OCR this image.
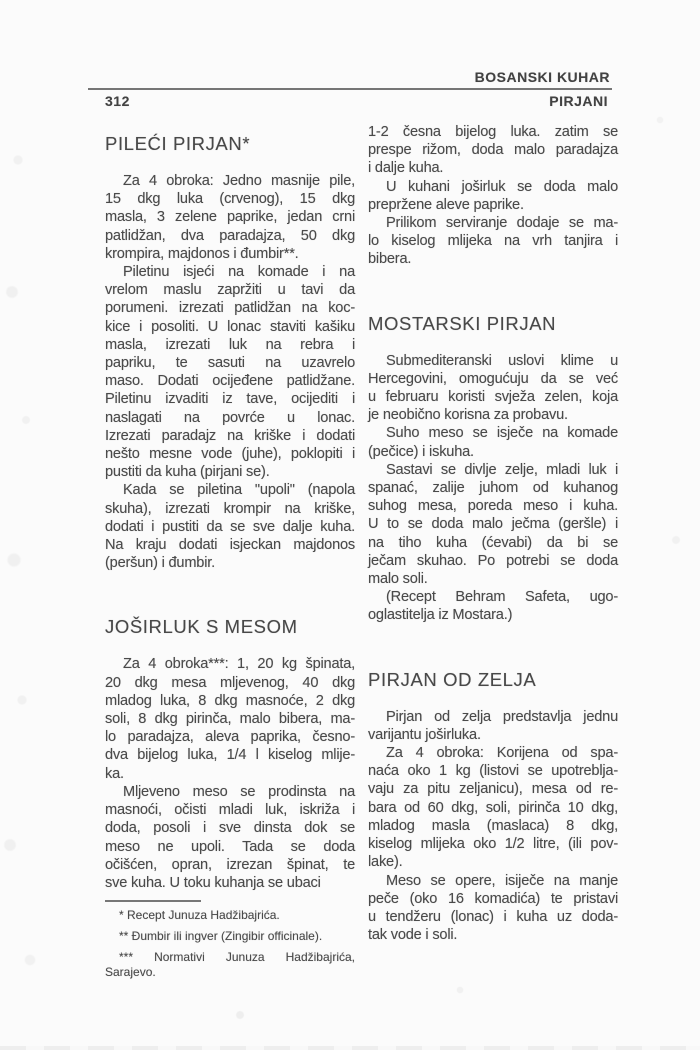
BOSANSKI KUHAR
312	PIRJANI
PILEĆI PIRJAN*
Za 4 obroka: Jedno masnije pile,
15 dkg luka (crvenog), 15 dkg
masla, 3 zelene paprike, jedan crni
patlidžan, dva paradajza, 50 dkg
krompira, majdonos i đumbir**.
Piletinu isjeći na komade i na
vrelom maslu zapržiti u tavi da
porumeni. izrezati patlidžan na koc-
kice i posoliti. U lonac staviti kašiku
masla, izrezati luk na rebra i
papriku, te sasuti na uzavrelo
maso. Dodati ocijeđene patlidžane.
Piletinu izvaditi iz tave, ocijediti i
naslagati na povrće u lonac.
Izrezati paradajz na kriške i dodati
nešto mesne vode (juhe), poklopiti i
pustiti da kuha (pirjani se).
Kada se piletina "upoli" (napola
skuha), izrezati krompir na kriške,
dodati i pustiti da se sve dalje kuha.
Na kraju dodati isjeckan majdonos
(peršun) i đumbir.
JOŠIRLUK S MESOM
Za 4 obroka***: 1, 20 kg špinata,
20 dkg mesa mljevenog, 40 dkg
mladog luka, 8 dkg masnoće, 2 dkg
soli, 8 dkg pirinča, malo bibera, ma-
lo paradajza, aleva paprika, česno-
dva bijelog luka, 1/4 l kiselog mlije-
ka.
Mljeveno meso se prodinsta na
masnoći, očisti mladi luk, iskriža i
doda, posoli i sve dinsta dok se
meso ne upoli. Tada se doda
očišćen, opran, izrezan špinat, te
sve kuha. U toku kuhanja se ubaci
* Recept Junuza Hadžibajrića.
** Đumbir ili ingver (Zingibir officinale).
*** Normativi Junuza Hadžibajrića,
Sarajevo.
1-2 česna bijelog luka. zatim se
prespe rižom, doda malo paradajza
i dalje kuha.
U kuhani joširluk se doda malo
prepržene aleve paprike.
Prilikom serviranje dodaje se ma-
lo kiselog mlijeka na vrh tanjira i
bibera.
MOSTARSKI PIRJAN
Submediteranski uslovi klime u
Hercegovini, omogućuju da se već
u februaru koristi svježa zelen, koja
je neobično korisna za probavu.
Suho meso se isječe na komade
(pečice) i iskuha.
Sastavi se divlje zelje, mladi luk i
spanać, zalije juhom od kuhanog
suhog mesa, poreda meso i kuha.
U to se doda malo ječma (geršle) i
na tiho kuha (ćevabi) da bi se
ječam skuhao. Po potrebi se doda
malo soli.
(Recept Behram Safeta, ugo-
oglastitelja iz Mostara.)
PIRJAN OD ZELJA
Pirjan od zelja predstavlja jednu
varijantu joširluka.
Za 4 obroka: Korijena od spa-
naća oko 1 kg (listovi se upotreblja-
vaju za pitu zeljanicu), mesa od re-
bara od 60 dkg, soli, pirinča 10 dkg,
mladog masla (maslaca) 8 dkg,
kiselog mlijeka oko 1/2 litre, (ili pov-
lake).
Meso se opere, isiječe na manje
peče (oko 16 komadića) te pristavi
u tendžeru (lonac) i kuha uz doda-
tak vode i soli.
